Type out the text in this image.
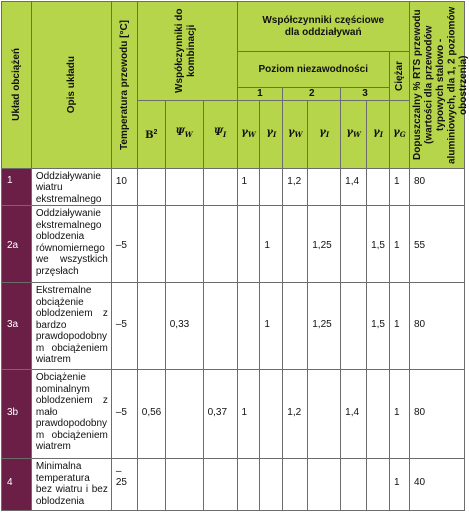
Układ obciążeń	Opis układu	Temperatura przewodu [°C]	Współczynniki do kombinacji			Współczynniki częściowe
dla oddziaływań							Dopuszczalny % RTS przewodu (wartości dla przewodów typowych stalowo - aluminiowych, dla 1, 2 poziomów obostrzenia)

						Poziom niezawodności						Ciężar	

						1		2		3			
			$B^2$	$\Psi_W$	$\Psi_I$	$\gamma_W$	$\gamma_I$	$\gamma_W$	$\gamma_I$	$\gamma_W$	$\gamma_I$	$\gamma_G$
1	Oddziaływanie wiatru ekstremalnego	10				1		1,2		1,4		1	80
2a	Oddziaływanie ekstremalnego oblodzenia równomiernego we wszystkich przęsłach	–5					1		1,25		1,5	1	55
3a	Ekstremalne obciążenie oblodzeniem z bardzo prawdopodobny m obciążeniem wiatrem	–5		0,33			1		1,25		1,5	1	80
3b	Obciążenie nominalnym oblodzeniem z mało prawdopodobny m obciążeniem wiatrem	–5	0,56		0,37	1		1,2		1,4		1	80
4	Minimalna temperatura bez wiatru i bez oblodzenia	– 25										1	40
